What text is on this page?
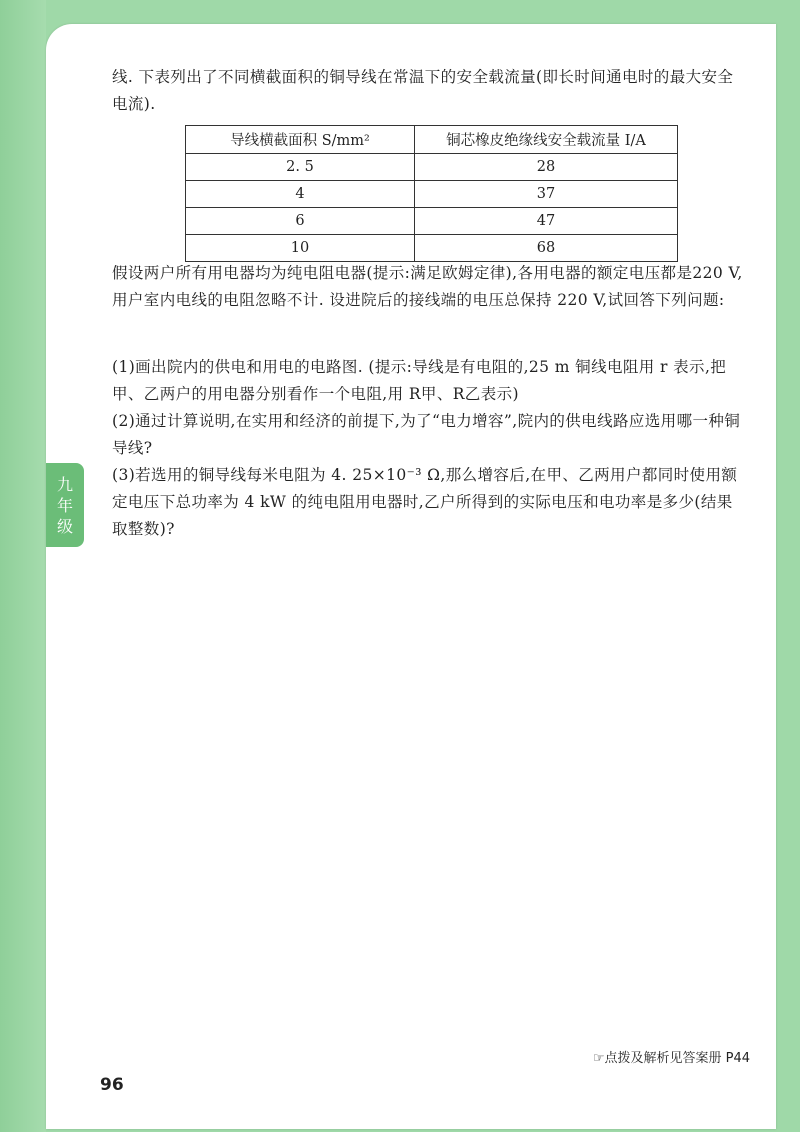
线. 下表列出了不同横截面积的铜导线在常温下的安全载流量(即长时间通电时的最大安全电流).
导线横截面积 S/mm²	铜芯橡皮绝缘线安全载流量 I/A
2. 5	28
4	37
6	47
10	68
假设两户所有用电器均为纯电阻电器(提示:满足欧姆定律),各用电器的额定电压都是220 V,用户室内电线的电阻忽略不计. 设进院后的接线端的电压总保持 220 V,试回答下列问题:
(1)画出院内的供电和用电的电路图. (提示:导线是有电阻的,25 m 铜线电阻用 r 表示,把甲、乙两户的用电器分别看作一个电阻,用 R甲、R乙表示)
(2)通过计算说明,在实用和经济的前提下,为了“电力增容”,院内的供电线路应选用哪一种铜导线?
(3)若选用的铜导线每米电阻为 4. 25×10⁻³ Ω,那么增容后,在甲、乙两用户都同时使用额定电压下总功率为 4 kW 的纯电阻用电器时,乙户所得到的实际电压和电功率是多少(结果取整数)?
九
年
级
☞点拨及解析见答案册 P44
96
